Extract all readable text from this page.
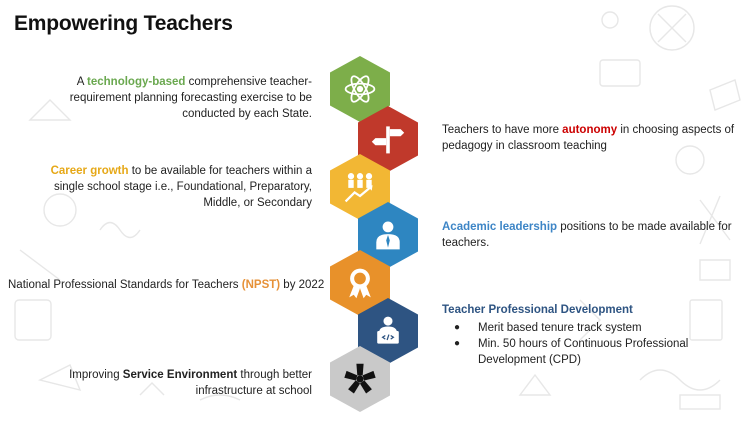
Empowering Teachers
A technology-based comprehensive teacher-requirement planning forecasting exercise to be conducted by each State.
Career growth to be available for teachers within a single school stage i.e., Foundational, Preparatory, Middle, or Secondary
National Professional Standards for Teachers (NPST) by 2022
Improving Service Environment through better infrastructure at school
Teachers to have more autonomy in choosing aspects of pedagogy in classroom teaching
Academic leadership positions to be made available for teachers.
Teacher Professional Development
● Merit based tenure track system
● Min. 50 hours of Continuous Professional Development (CPD)
